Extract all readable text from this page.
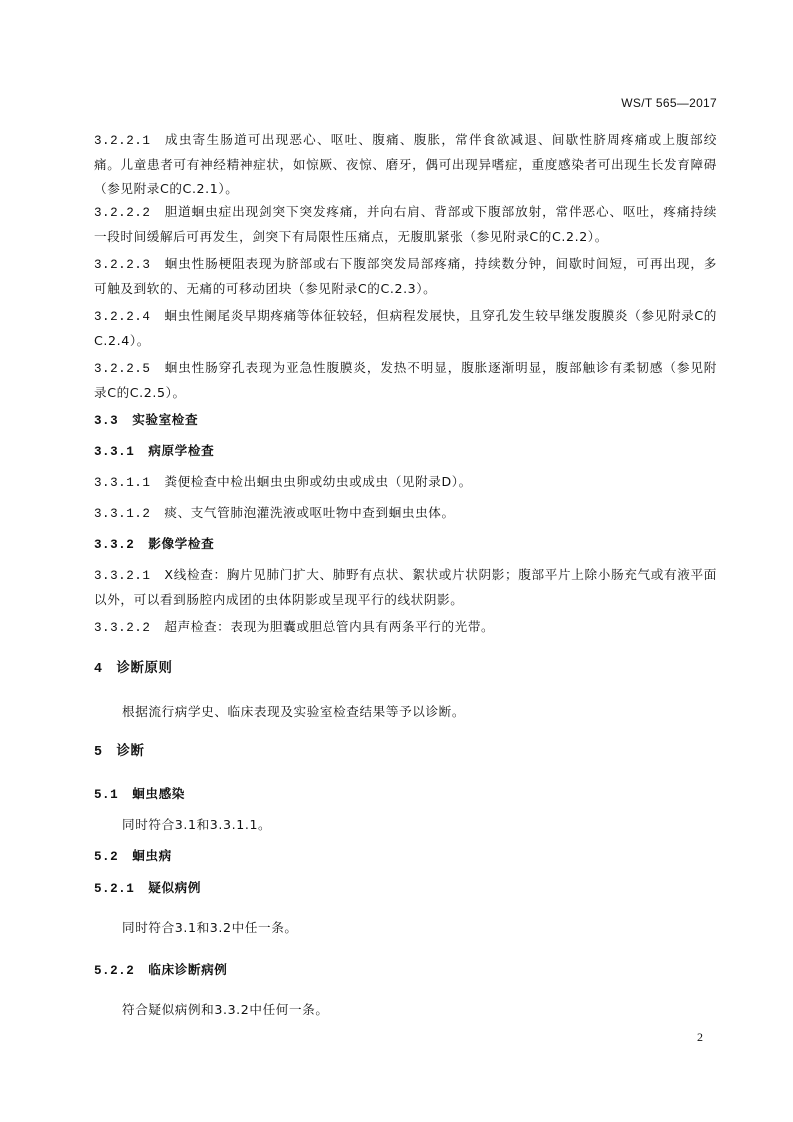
WS/T 565—2017
3.2.2.1 成虫寄生肠道可出现恶心、呕吐、腹痛、腹胀，常伴食欲减退、间歇性脐周疼痛或上腹部绞痛。儿童患者可有神经精神症状，如惊厥、夜惊、磨牙，偶可出现异嗜症，重度感染者可出现生长发育障碍（参见附录C的C.2.1）。
3.2.2.2 胆道蛔虫症出现剑突下突发疼痛，并向右肩、背部或下腹部放射，常伴恶心、呕吐，疼痛持续一段时间缓解后可再发生，剑突下有局限性压痛点，无腹肌紧张（参见附录C的C.2.2）。
3.2.2.3 蛔虫性肠梗阻表现为脐部或右下腹部突发局部疼痛，持续数分钟，间歇时间短，可再出现，多可触及到软的、无痛的可移动团块（参见附录C的C.2.3）。
3.2.2.4 蛔虫性阑尾炎早期疼痛等体征较轻，但病程发展快，且穿孔发生较早继发腹膜炎（参见附录C的C.2.4）。
3.2.2.5 蛔虫性肠穿孔表现为亚急性腹膜炎，发热不明显，腹胀逐渐明显，腹部触诊有柔韧感（参见附录C的C.2.5）。
3.3 实验室检查
3.3.1 病原学检查
3.3.1.1 粪便检查中检出蛔虫虫卵或幼虫或成虫（见附录D）。
3.3.1.2 痰、支气管肺泡灌洗液或呕吐物中查到蛔虫虫体。
3.3.2 影像学检查
3.3.2.1 X线检查：胸片见肺门扩大、肺野有点状、絮状或片状阴影；腹部平片上除小肠充气或有液平面以外，可以看到肠腔内成团的虫体阴影或呈现平行的线状阴影。
3.3.2.2 超声检查：表现为胆囊或胆总管内具有两条平行的光带。
4 诊断原则
根据流行病学史、临床表现及实验室检查结果等予以诊断。
5 诊断
5.1 蛔虫感染
同时符合3.1和3.3.1.1。
5.2 蛔虫病
5.2.1 疑似病例
同时符合3.1和3.2中任一条。
5.2.2 临床诊断病例
符合疑似病例和3.3.2中任何一条。
2
